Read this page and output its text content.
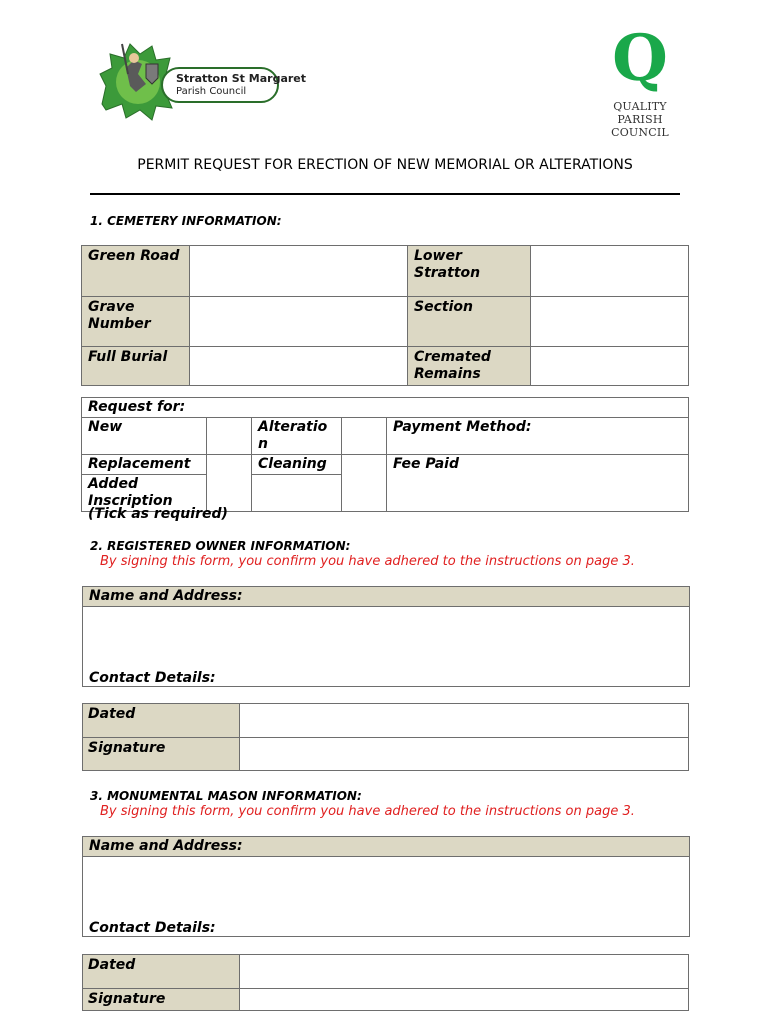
Stratton St Margaret
Parish Council	Q
QUALITY
PARISH
COUNCIL
PERMIT REQUEST FOR ERECTION OF NEW MEMORIAL OR ALTERATIONS
1. CEMETERY INFORMATION:
Green Road		Lower Stratton	
Grave Number		Section	
Full Burial		Cremated Remains	
Request for:				
New		Alteration		Payment Method:
Replacement		Cleaning		Fee Paid
Added Inscription				
(Tick as required)
2. REGISTERED OWNER INFORMATION:
By signing this form, you confirm you have adhered to the instructions on page 3.
Name and Address:
Contact Details:
Dated	
Signature	
3. MONUMENTAL MASON INFORMATION:
By signing this form, you confirm you have adhered to the instructions on page 3.
Name and Address:
Contact Details:
Dated	
Signature	
